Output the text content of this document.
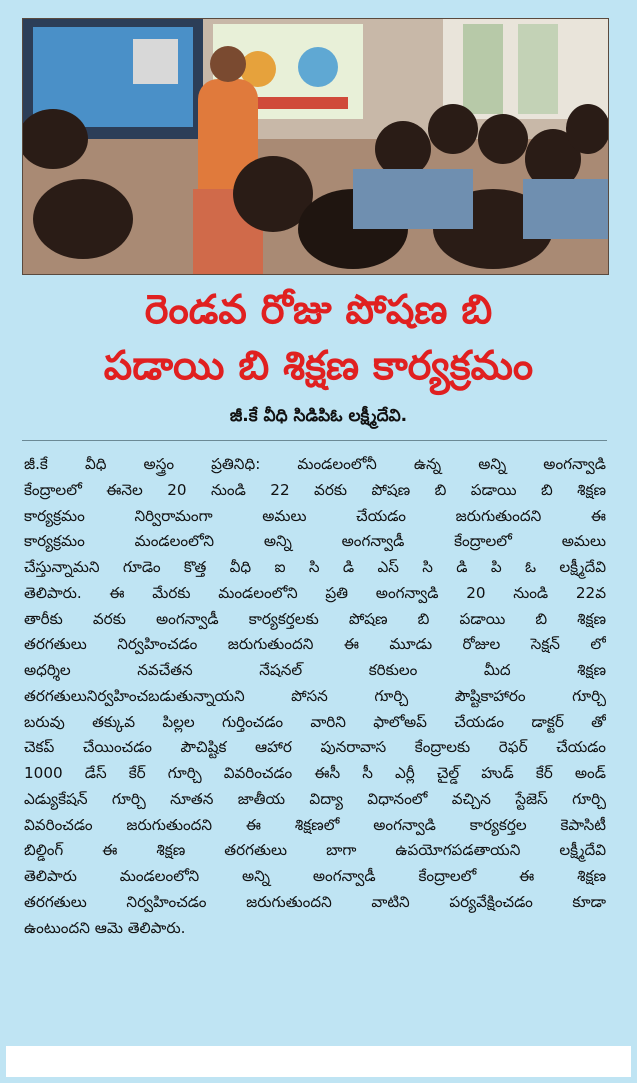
రెండవ రోజు పోషణ బి
పడాయి బి శిక్షణ కార్యక్రమం
జీ.కే వీధి సిడిపిఓ లక్ష్మీదేవి.
జీ.కే వీధి అస్త్రం ప్రతినిధి: మండలంలోనీ ఉన్న అన్ని అంగన్వాడి
కేంద్రాలలో ఈనెల 20 నుండి 22 వరకు పోషణ బి పడాయి బి శిక్షణ
కార్యక్రమం నిర్విరామంగా అమలు చేయడం జరుగుతుందని ఈ
కార్యక్రమం మండలంలోని అన్ని అంగన్వాడీ కేంద్రాలలో అమలు
చేస్తున్నామని గూడెం కొత్త వీధి ఐ సి డి ఎస్ సి డి పి ఓ లక్ష్మీదేవి
తెలిపారు. ఈ మేరకు మండలంలోని ప్రతి అంగన్వాడి 20 నుండి 22వ
తారీకు వరకు అంగన్వాడీ కార్యకర్తలకు పోషణ బి పడాయి బి శిక్షణ
తరగతులు నిర్వహించడం జరుగుతుందని ఈ మూడు రోజుల సెక్షన్ లో
అధర్శిల నవచేతన నేషనల్ కరికులం మీద శిక్షణ
తరగతులునిర్వహించబడుతున్నాయని పోసన గూర్చి పౌష్టికాహారం గూర్చి
బరువు తక్కువ పిల్లల గుర్తించడం వారిని ఫాలోఅప్ చేయడం డాక్టర్ తో
చెకప్ చేయించడం పౌచిష్టిక ఆహార పునరావాస కేంద్రాలకు రెఫర్ చేయడం
1000 డేస్ కేర్ గూర్చి వివరించడం ఈసీ సీ ఎర్లీ చైల్డ్ హుడ్ కేర్ అండ్
ఎడ్యుకేషన్ గూర్చి నూతన జాతీయ విద్యా విధానంలో వచ్చిన స్టేజెస్ గూర్చి
వివరించడం జరుగుతుందని ఈ శిక్షణలో అంగన్వాడి కార్యకర్తల కెపాసిటీ
బిల్డింగ్ ఈ శిక్షణ తరగతులు బాగా ఉపయోగపడతాయని లక్ష్మీదేవి
తెలిపారు మండలంలోని అన్ని అంగన్వాడీ కేంద్రాలలో ఈ శిక్షణ
తరగతులు నిర్వహించడం జరుగుతుందని వాటిని పర్యవేక్షించడం కూడా
ఉంటుందని ఆమె తెలిపారు.
